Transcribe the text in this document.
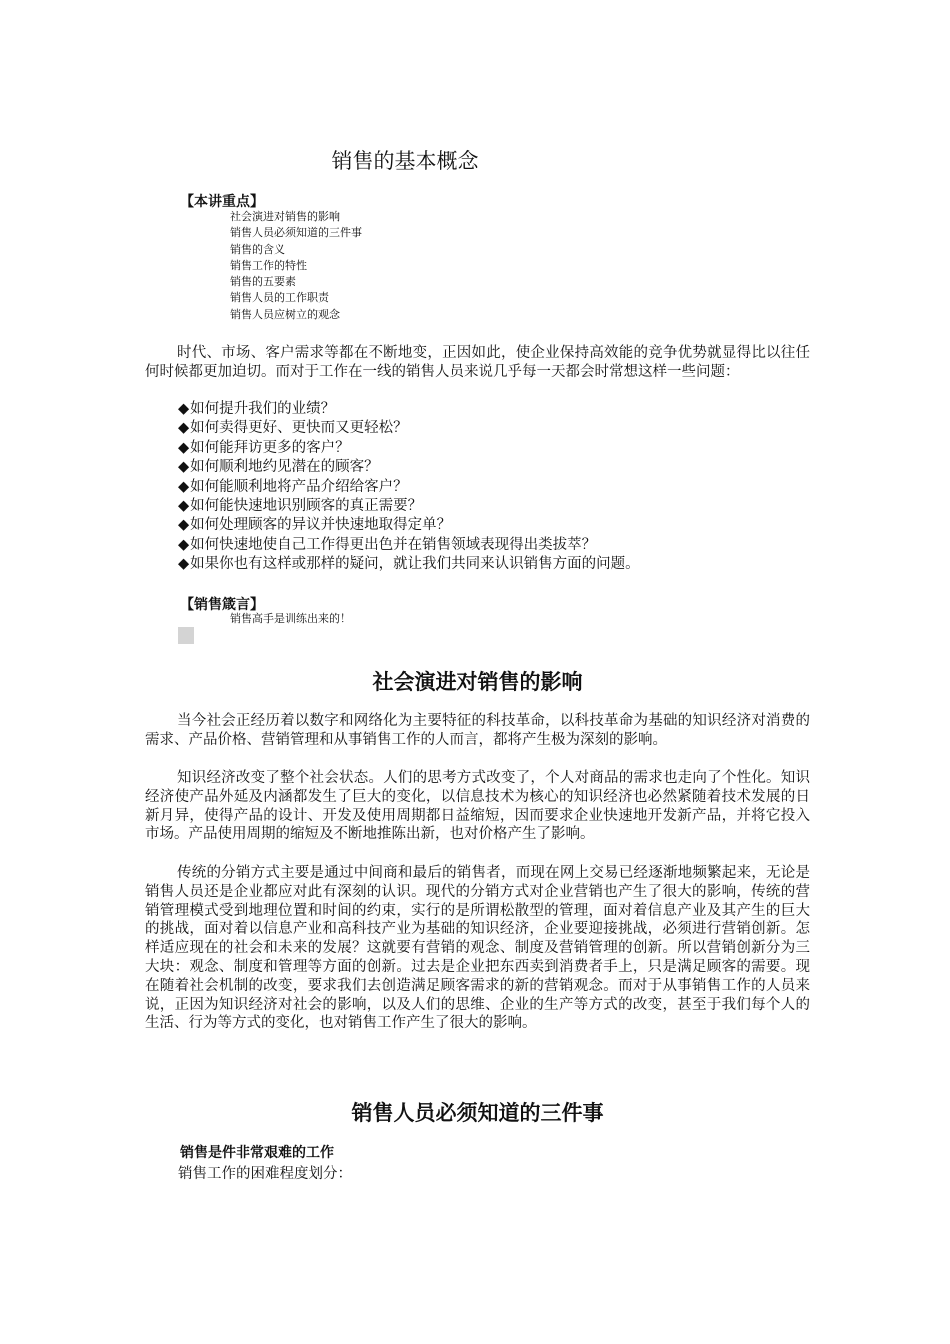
销售的基本概念
【本讲重点】
社会演进对销售的影响
销售人员必须知道的三件事
销售的含义
销售工作的特性
销售的五要素
销售人员的工作职责
销售人员应树立的观念

时代、市场、客户需求等都在不断地变，正因如此，使企业保持高效能的竞争优势就显得比以往任何时候都更加迫切。而对于工作在一线的销售人员来说几乎每一天都会时常想这样一些问题：

◆如何提升我们的业绩？
◆如何卖得更好、更快而又更轻松？
◆如何能拜访更多的客户？
◆如何顺利地约见潜在的顾客？
◆如何能顺利地将产品介绍给客户？
◆如何能快速地识别顾客的真正需要？
◆如何处理顾客的异议并快速地取得定单？
◆如何快速地使自己工作得更出色并在销售领域表现得出类拔萃？
◆如果你也有这样或那样的疑问，就让我们共同来认识销售方面的问题。
【销售箴言】
销售高手是训练出来的！
社会演进对销售的影响

当今社会正经历着以数字和网络化为主要特征的科技革命，以科技革命为基础的知识经济对消费的需求、产品价格、营销管理和从事销售工作的人而言，都将产生极为深刻的影响。

知识经济改变了整个社会状态。人们的思考方式改变了，个人对商品的需求也走向了个性化。知识经济使产品外延及内涵都发生了巨大的变化，以信息技术为核心的知识经济也必然紧随着技术发展的日新月异，使得产品的设计、开发及使用周期都日益缩短，因而要求企业快速地开发新产品，并将它投入市场。产品使用周期的缩短及不断地推陈出新，也对价格产生了影响。

传统的分销方式主要是通过中间商和最后的销售者，而现在网上交易已经逐渐地频繁起来，无论是销售人员还是企业都应对此有深刻的认识。现代的分销方式对企业营销也产生了很大的影响，传统的营销管理模式受到地理位置和时间的约束，实行的是所谓松散型的管理，面对着信息产业及其产生的巨大的挑战，面对着以信息产业和高科技产业为基础的知识经济，企业要迎接挑战，必须进行营销创新。怎样适应现在的社会和未来的发展？这就要有营销的观念、制度及营销管理的创新。所以营销创新分为三大块：观念、制度和管理等方面的创新。过去是企业把东西卖到消费者手上，只是满足顾客的需要。现在随着社会机制的改变，要求我们去创造满足顾客需求的新的营销观念。而对于从事销售工作的人员来说，正因为知识经济对社会的影响，以及人们的思维、企业的生产等方式的改变，甚至于我们每个人的生活、行为等方式的变化，也对销售工作产生了很大的影响。

销售人员必须知道的三件事
销售是件非常艰难的工作
销售工作的困难程度划分：
